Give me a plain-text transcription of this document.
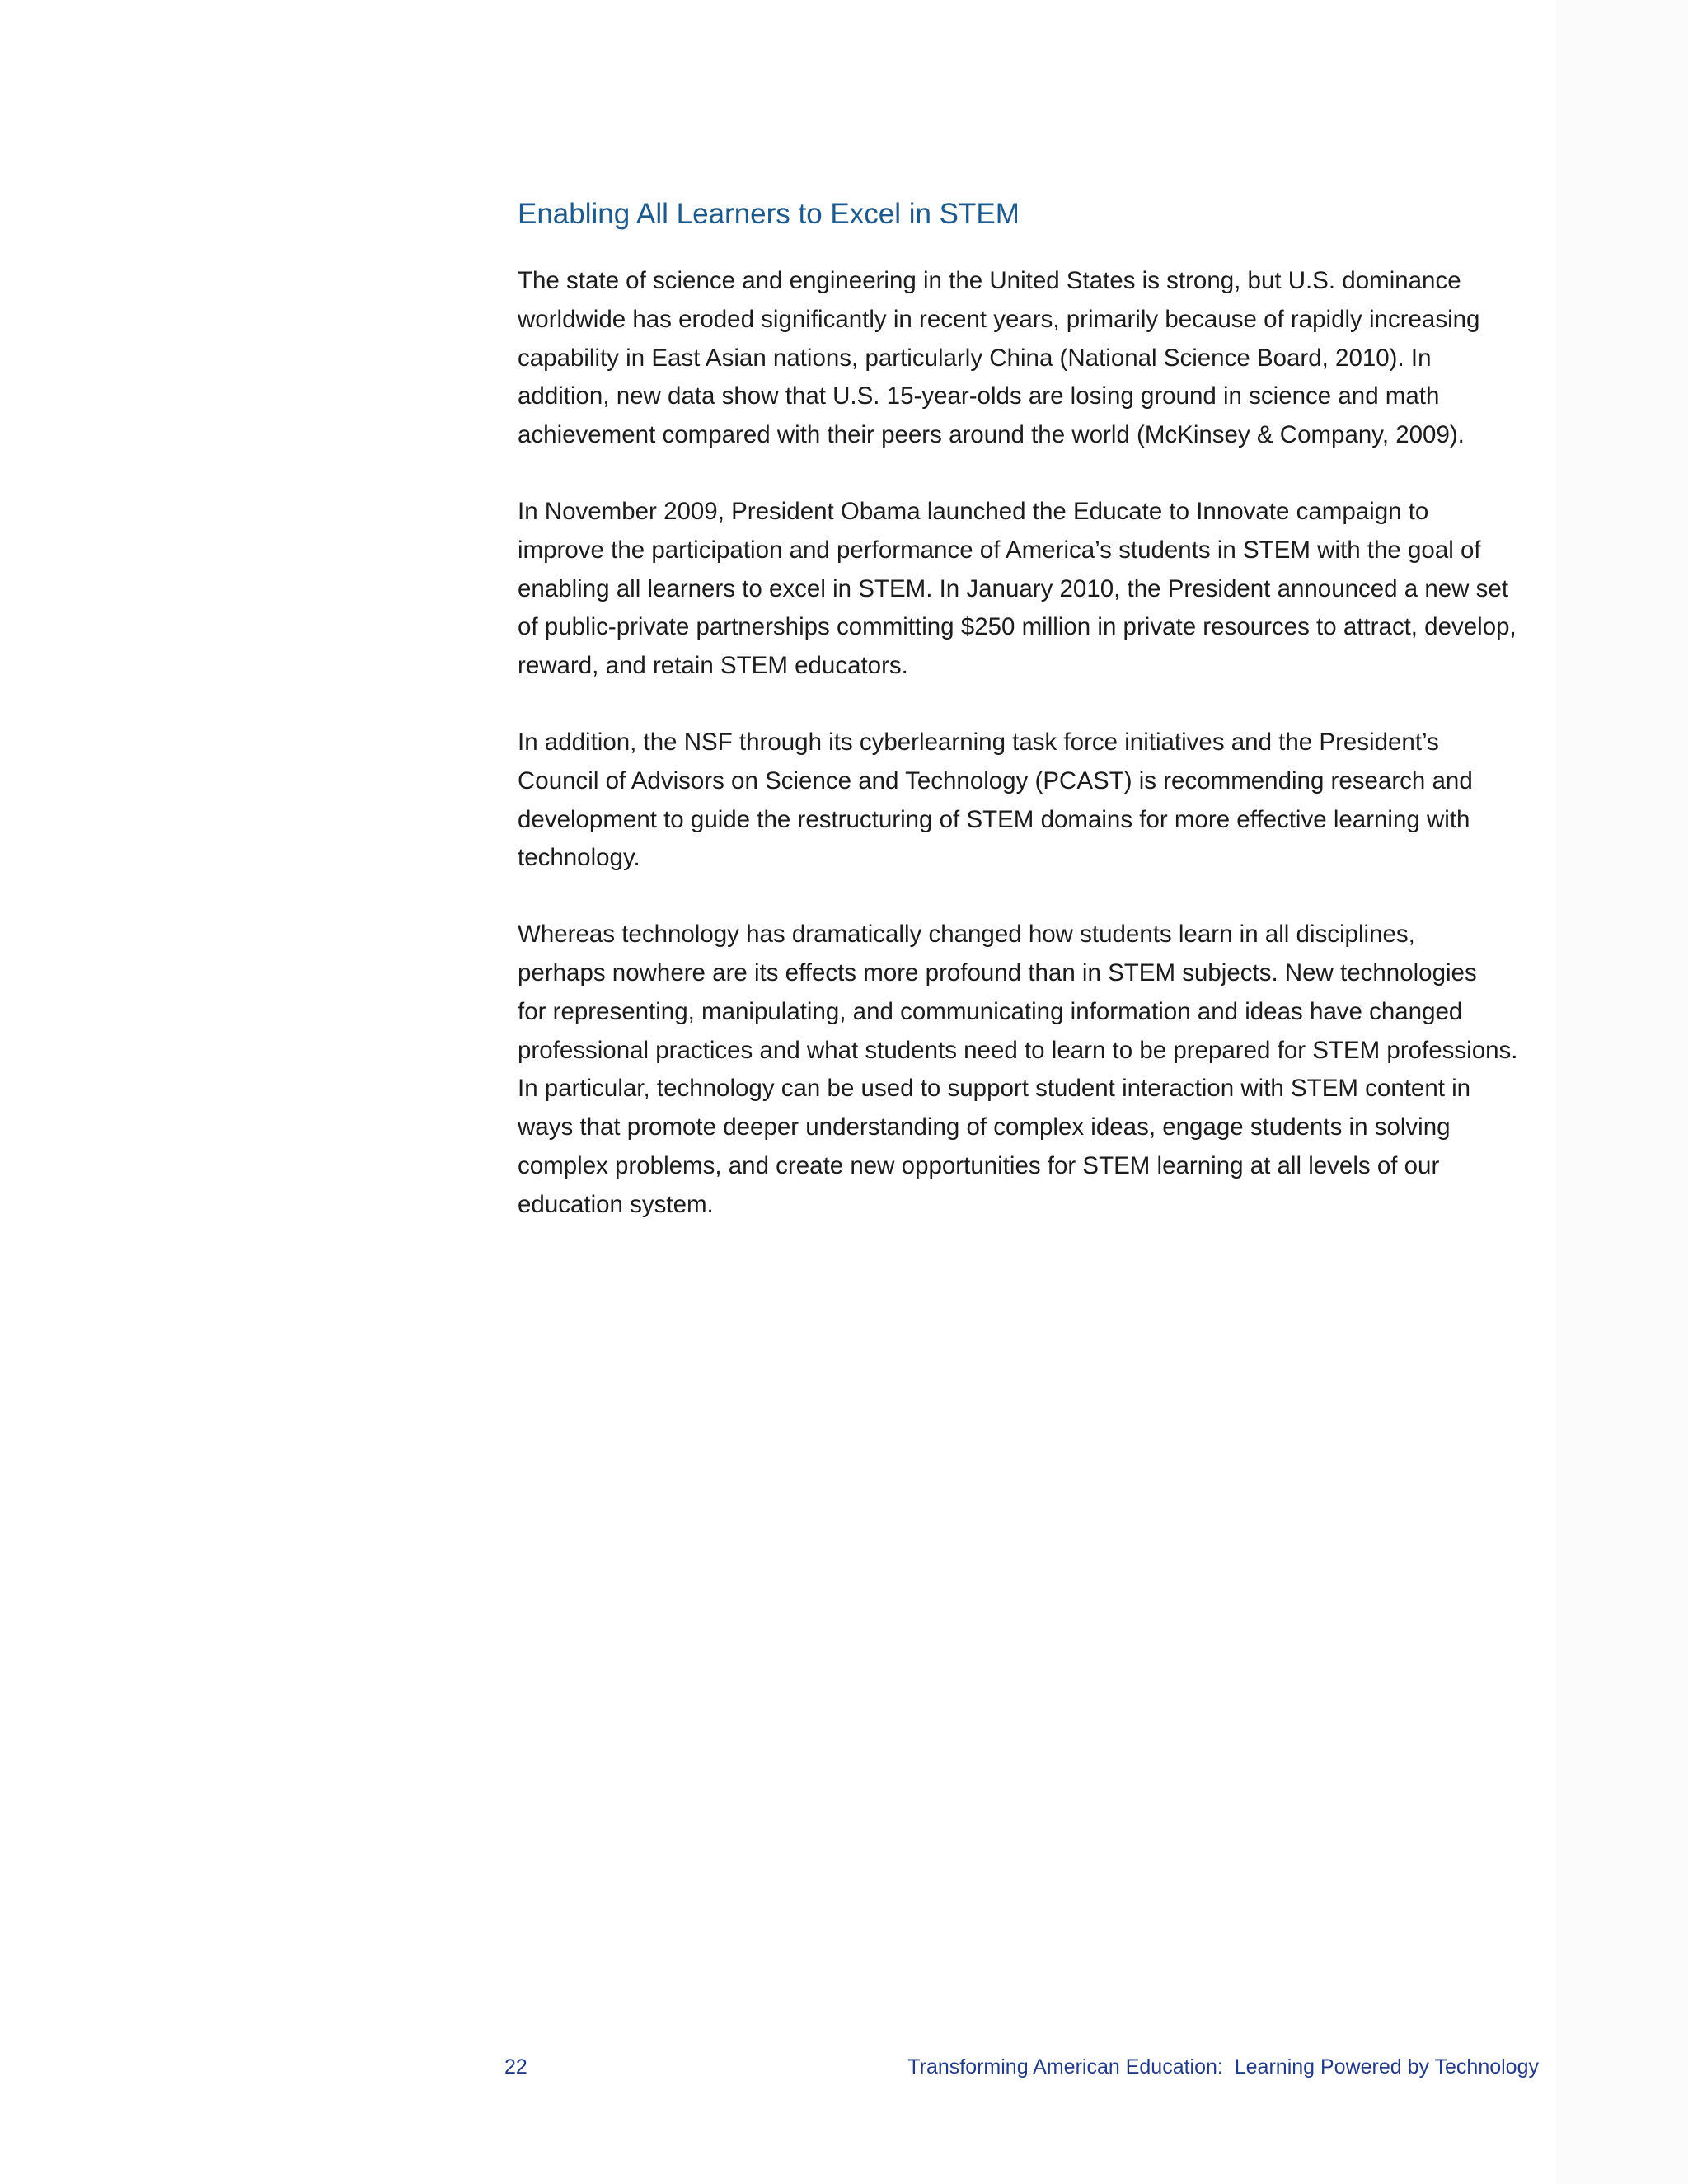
Enabling All Learners to Excel in STEM

The state of science and engineering in the United States is strong, but U.S. dominance
worldwide has eroded significantly in recent years, primarily because of rapidly increasing
capability in East Asian nations, particularly China (National Science Board, 2010). In
addition, new data show that U.S. 15-year-olds are losing ground in science and math
achievement compared with their peers around the world (McKinsey & Company, 2009).

In November 2009, President Obama launched the Educate to Innovate campaign to
improve the participation and performance of America’s students in STEM with the goal of
enabling all learners to excel in STEM. In January 2010, the President announced a new set
of public-private partnerships committing $250 million in private resources to attract, develop,
reward, and retain STEM educators.

In addition, the NSF through its cyberlearning task force initiatives and the President’s
Council of Advisors on Science and Technology (PCAST) is recommending research and
development to guide the restructuring of STEM domains for more effective learning with
technology.

Whereas technology has dramatically changed how students learn in all disciplines,
perhaps nowhere are its effects more profound than in STEM subjects. New technologies
for representing, manipulating, and communicating information and ideas have changed
professional practices and what students need to learn to be prepared for STEM professions.
In particular, technology can be used to support student interaction with STEM content in
ways that promote deeper understanding of complex ideas, engage students in solving
complex problems, and create new opportunities for STEM learning at all levels of our
education system.

22	Transforming American Education:  Learning Powered by Technology
